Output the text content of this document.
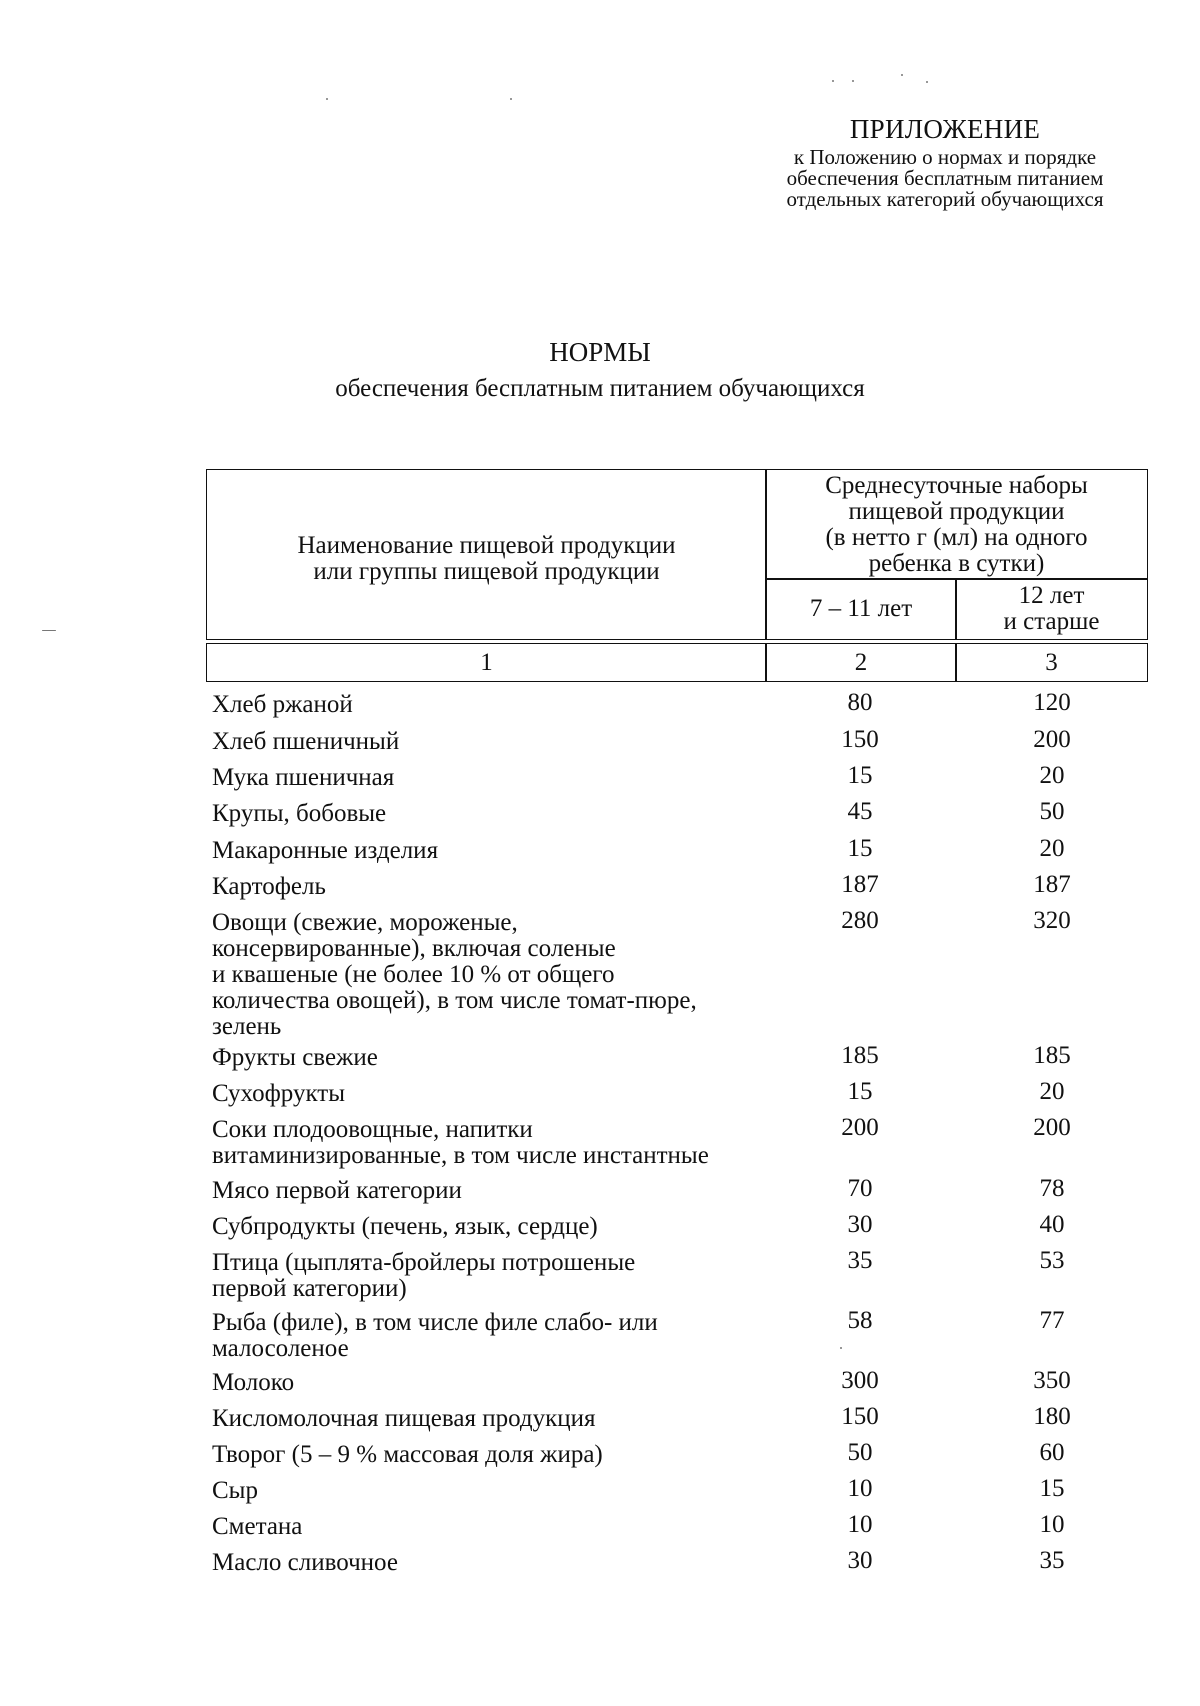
ПРИЛОЖЕНИЕ
к Положению о нормах и порядке
обеспечения бесплатным питанием
отдельных категорий обучающихся
НОРМЫ
обеспечения бесплатным питанием обучающихся
Наименование пищевой продукции
или группы пищевой продукции
Среднесуточные наборы
пищевой продукции
(в нетто г (мл) на одного
ребенка в сутки)
7 – 11 лет	12 лет
и старше
1	2	3
Хлеб ржаной	80	120
Хлеб пшеничный	150	200
Мука пшеничная	15	20
Крупы, бобовые	45	50
Макаронные изделия	15	20
Картофель	187	187
Овощи (свежие, мороженые,
консервированные), включая соленые
и квашеные (не более 10 % от общего
количества овощей), в том числе томат-пюре,
зелень
280	320
Фрукты свежие	185	185
Сухофрукты	15	20
Соки плодоовощные, напитки
витаминизированные, в том числе инстантные
200	200
Мясо первой категории	70	78
Субпродукты (печень, язык, сердце)	30	40
Птица (цыплята-бройлеры потрошеные
первой категории)
35	53
Рыба (филе), в том числе филе слабо- или
малосоленое
58	77
Молоко	300	350
Кисломолочная пищевая продукция	150	180
Творог (5 – 9 % массовая доля жира)	50	60
Сыр	10	15
Сметана	10	10
Масло сливочное	30	35
